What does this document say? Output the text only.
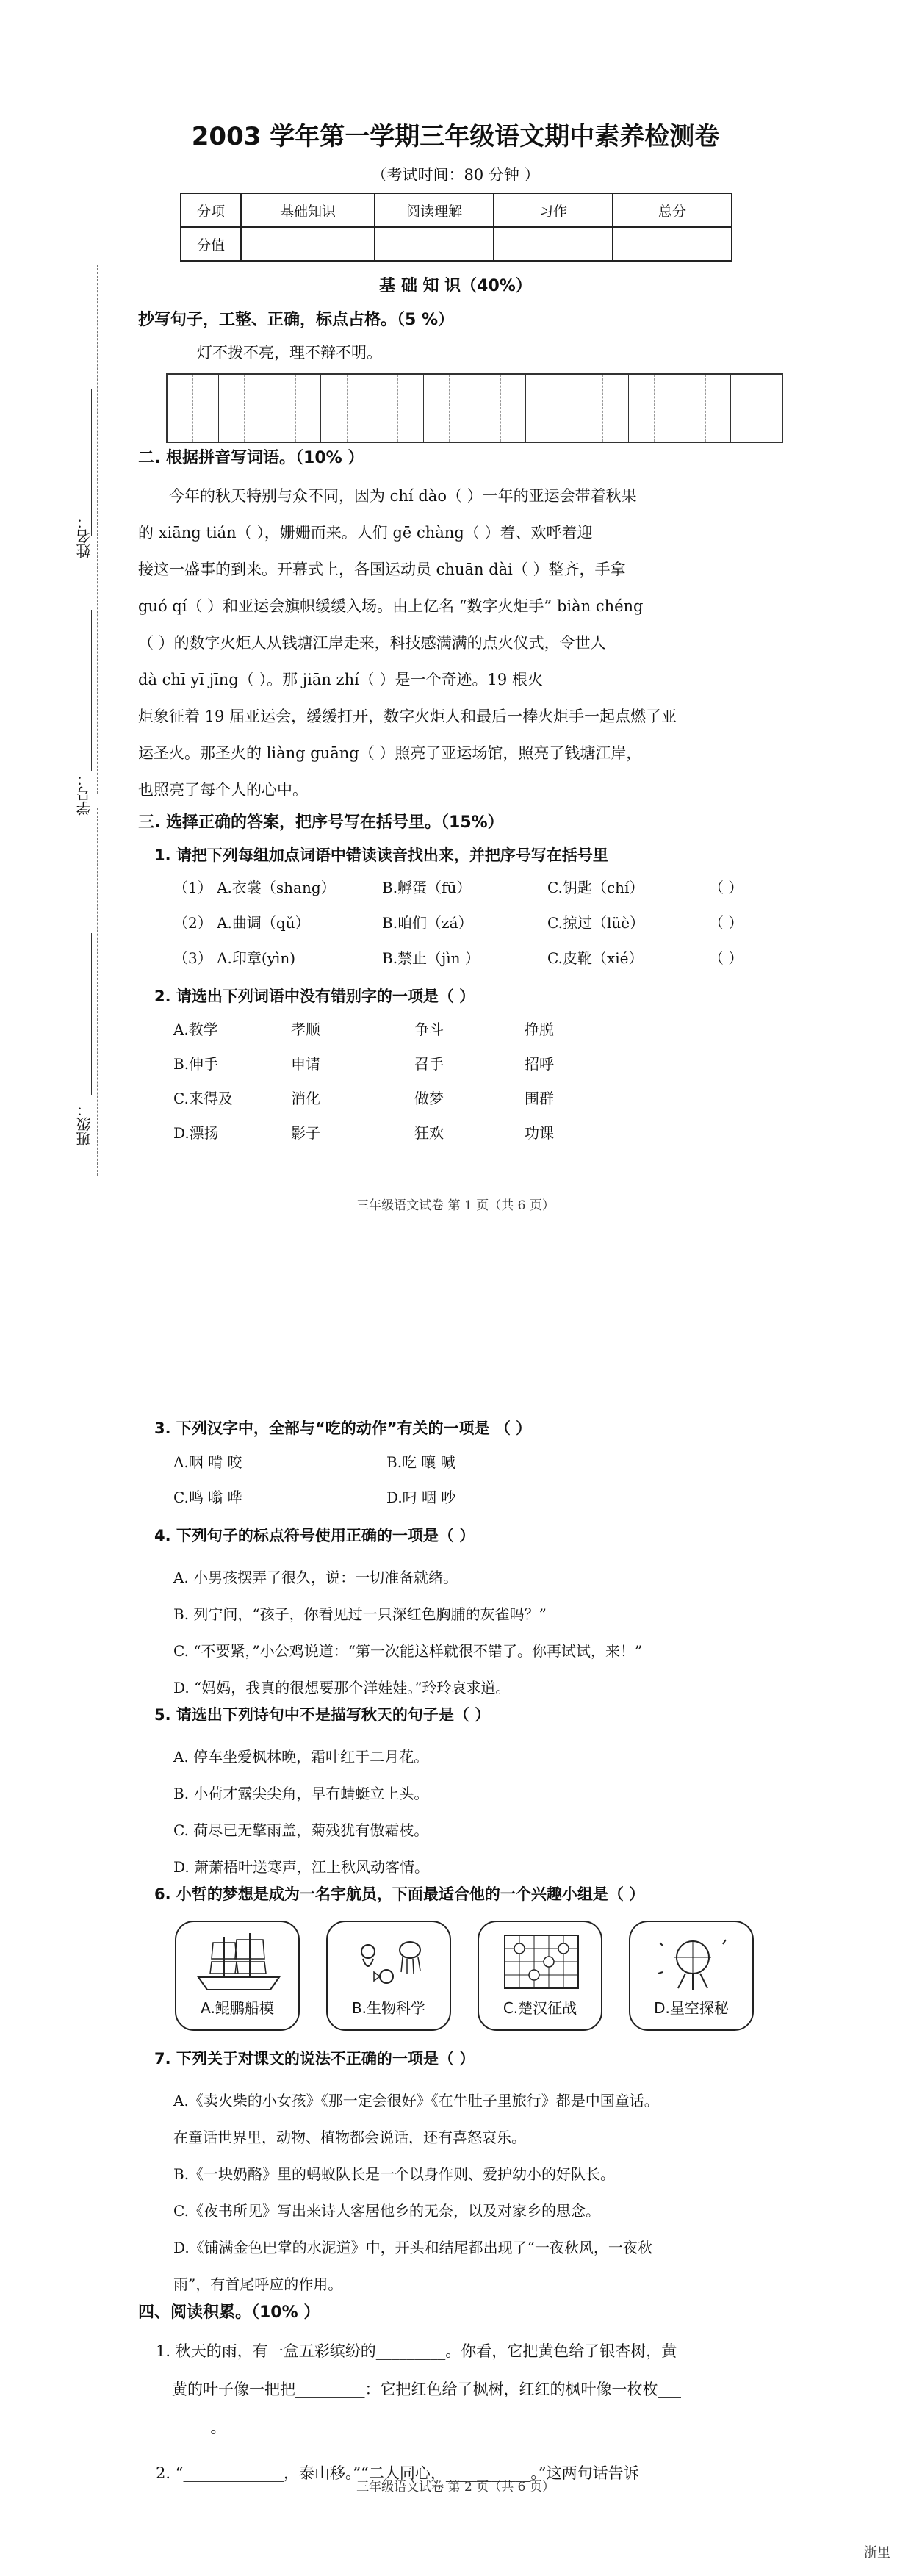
姓名：
学号：
班级：
2003 学年第一学期三年级语文期中素养检测卷
（考试时间：80 分钟 ）
分项	基础知识	阅读理解	习作	总分
分值				
基 础 知 识（40%）
抄写句子，工整、正确，标点占格。（5 %）
灯不拨不亮，理不辩不明。
二. 根据拼音写词语。（10% ）
今年的秋天特别与众不同，因为 chí dào（ ）一年的亚运会带着秋果
的 xiāng tián（ ），姗姗而来。人们 gē chàng（ ）着、欢呼着迎
接这一盛事的到来。开幕式上，各国运动员 chuān dài（ ）整齐，手拿
guó qí（ ）和亚运会旗帜缓缓入场。由上亿名 “数字火炬手” biàn chéng
（ ）的数字火炬人从钱塘江岸走来，科技感满满的点火仪式，令世人
dà chī yī jīng（ ）。那 jiān zhí（ ）是一个奇迹。19 根火
炬象征着 19 届亚运会，缓缓打开，数字火炬人和最后一棒火炬手一起点燃了亚
运圣火。那圣火的 liàng guāng（ ）照亮了亚运场馆，照亮了钱塘江岸，
也照亮了每个人的心中。
三. 选择正确的答案，把序号写在括号里。（15%）
1. 请把下列每组加点词语中错读读音找出来，并把序号写在括号里
（1） A.衣裳（shang）	B.孵蛋（fū）	C.钥匙（chí）	（ ）
（2） A.曲调（qǔ）	B.咱们（zá）	C.掠过（lüè）	（ ）
（3） A.印章(yìn)	B.禁止（jìn ）	C.皮靴（xié）	（ ）
2. 请选出下列词语中没有错别字的一项是（ ）
A.教学	孝顺	争斗	挣脱
B.伸手	申请	召手	招呼
C.来得及	消化	做梦	围群
D.漂扬	影子	狂欢	功课
三年级语文试卷 第 1 页（共 6 页）
3. 下列汉字中，全部与“吃的动作”有关的一项是 （ ）
A.咽 啃 咬	B.吃 嚷 喊
C.鸣 嗡 哗	D.叼 咽 吵
4. 下列句子的标点符号使用正确的一项是（ ）
A. 小男孩摆弄了很久，说：一切准备就绪。
B. 列宁问，“孩子，你看见过一只深红色胸脯的灰雀吗？”
C. “不要紧，”小公鸡说道：“第一次能这样就很不错了。你再试试，来！”
D. “妈妈，我真的很想要那个洋娃娃。”玲玲哀求道。
5. 请选出下列诗句中不是描写秋天的句子是（ ）
A. 停车坐爱枫林晚，霜叶红于二月花。
B. 小荷才露尖尖角，早有蜻蜓立上头。
C. 荷尽已无擎雨盖，菊残犹有傲霜枝。
D. 萧萧梧叶送寒声，江上秋风动客情。
6. 小哲的梦想是成为一名宇航员，下面最适合他的一个兴趣小组是（ ）
A.鲲鹏船模	B.生物科学	C.楚汉征战	D.星空探秘
7. 下列关于对课文的说法不正确的一项是（ ）
A.《卖火柴的小女孩》《那一定会很好》《在牛肚子里旅行》都是中国童话。
在童话世界里，动物、植物都会说话，还有喜怒哀乐。
B.《一块奶酪》里的蚂蚁队长是一个以身作则、爱护幼小的好队长。
C.《夜书所见》写出来诗人客居他乡的无奈，以及对家乡的思念。
D.《铺满金色巴掌的水泥道》中，开头和结尾都出现了“一夜秋风，一夜秋
雨”，有首尾呼应的作用。
四、阅读积累。（10% ）
1. 秋天的雨，有一盒五彩缤纷的_________。你看，它把黄色给了银杏树，黄
黄的叶子像一把把_________：它把红色给了枫树，红红的枫叶像一枚枚___
_____。
2. “_____________，泰山移。”“二人同心，___________。”这两句话告诉
三年级语文试卷 第 2 页（共 6 页）
浙里
